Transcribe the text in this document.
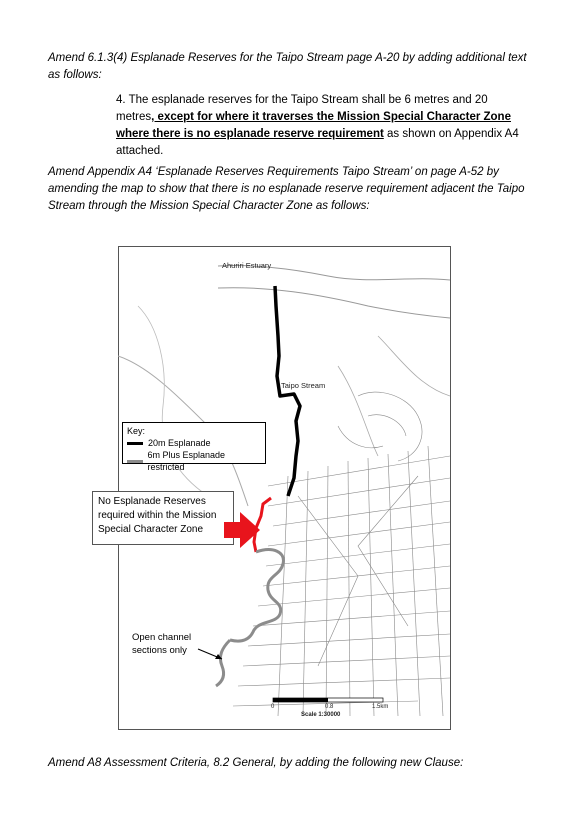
Amend 6.1.3(4) Esplanade Reserves for the Taipo Stream page A-20 by adding additional text as follows:

4. The esplanade reserves for the Taipo Stream shall be 6 metres and 20 metres, except for where it traverses the Mission Special Character Zone where there is no esplanade reserve requirement as shown on Appendix A4 attached.

Amend Appendix A4 ‘Esplanade Reserves Requirements Taipo Stream’ on page A-52 by amending the map to show that there is no esplanade reserve requirement adjacent the Taipo Stream through the Mission Special Character Zone as follows:

Ahuriri Estuary
Taipo Stream
Key:
20m Esplanade
6m Plus Esplanade restricted
No Esplanade Reserves required within the Mission Special Character Zone
Open channel sections only
0	0.8	1.5km
Scale 1:30000

Amend A8 Assessment Criteria, 8.2 General, by adding the following new Clause:
